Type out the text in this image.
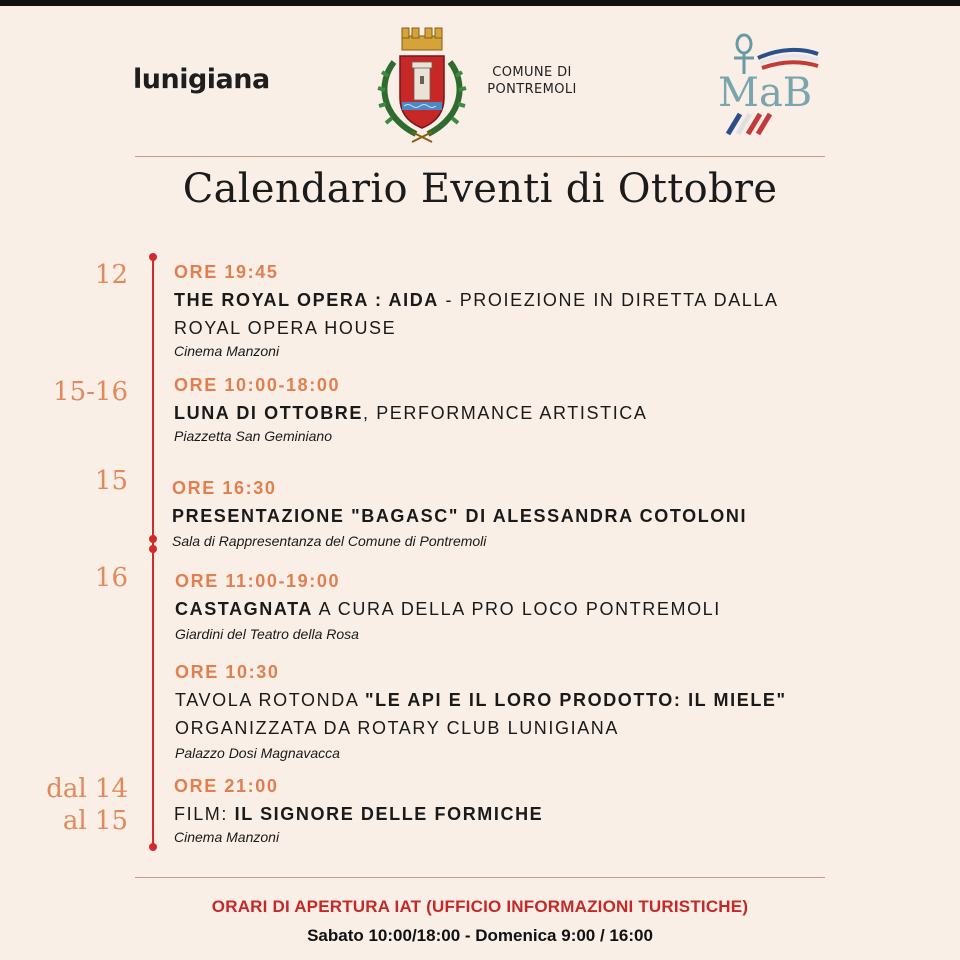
lunigiana	COMUNE DI
PONTREMOLI	MaB
Calendario Eventi di Ottobre
12	ORE 19:45
THE ROYAL OPERA : AIDA - PROIEZIONE IN DIRETTA DALLA
ROYAL OPERA HOUSE
Cinema Manzoni
15-16	ORE 10:00-18:00
LUNA DI OTTOBRE, PERFORMANCE ARTISTICA
Piazzetta San Geminiano
15 ORE 16:30
PRESENTAZIONE "BAGASC" DI ALESSANDRA COTOLONI
Sala di Rappresentanza del Comune di Pontremoli
16	ORE 11:00-19:00
CASTAGNATA A CURA DELLA PRO LOCO PONTREMOLI
Giardini del Teatro della Rosa
ORE 10:30
TAVOLA ROTONDA "LE API E IL LORO PRODOTTO: IL MIELE"
ORGANIZZATA DA ROTARY CLUB LUNIGIANA
Palazzo Dosi Magnavacca
dal 14
al 15
ORE 21:00
FILM: IL SIGNORE DELLE FORMICHE
Cinema Manzoni
ORARI DI APERTURA IAT (UFFICIO INFORMAZIONI TURISTICHE)
Sabato 10:00/18:00 - Domenica 9:00 / 16:00
